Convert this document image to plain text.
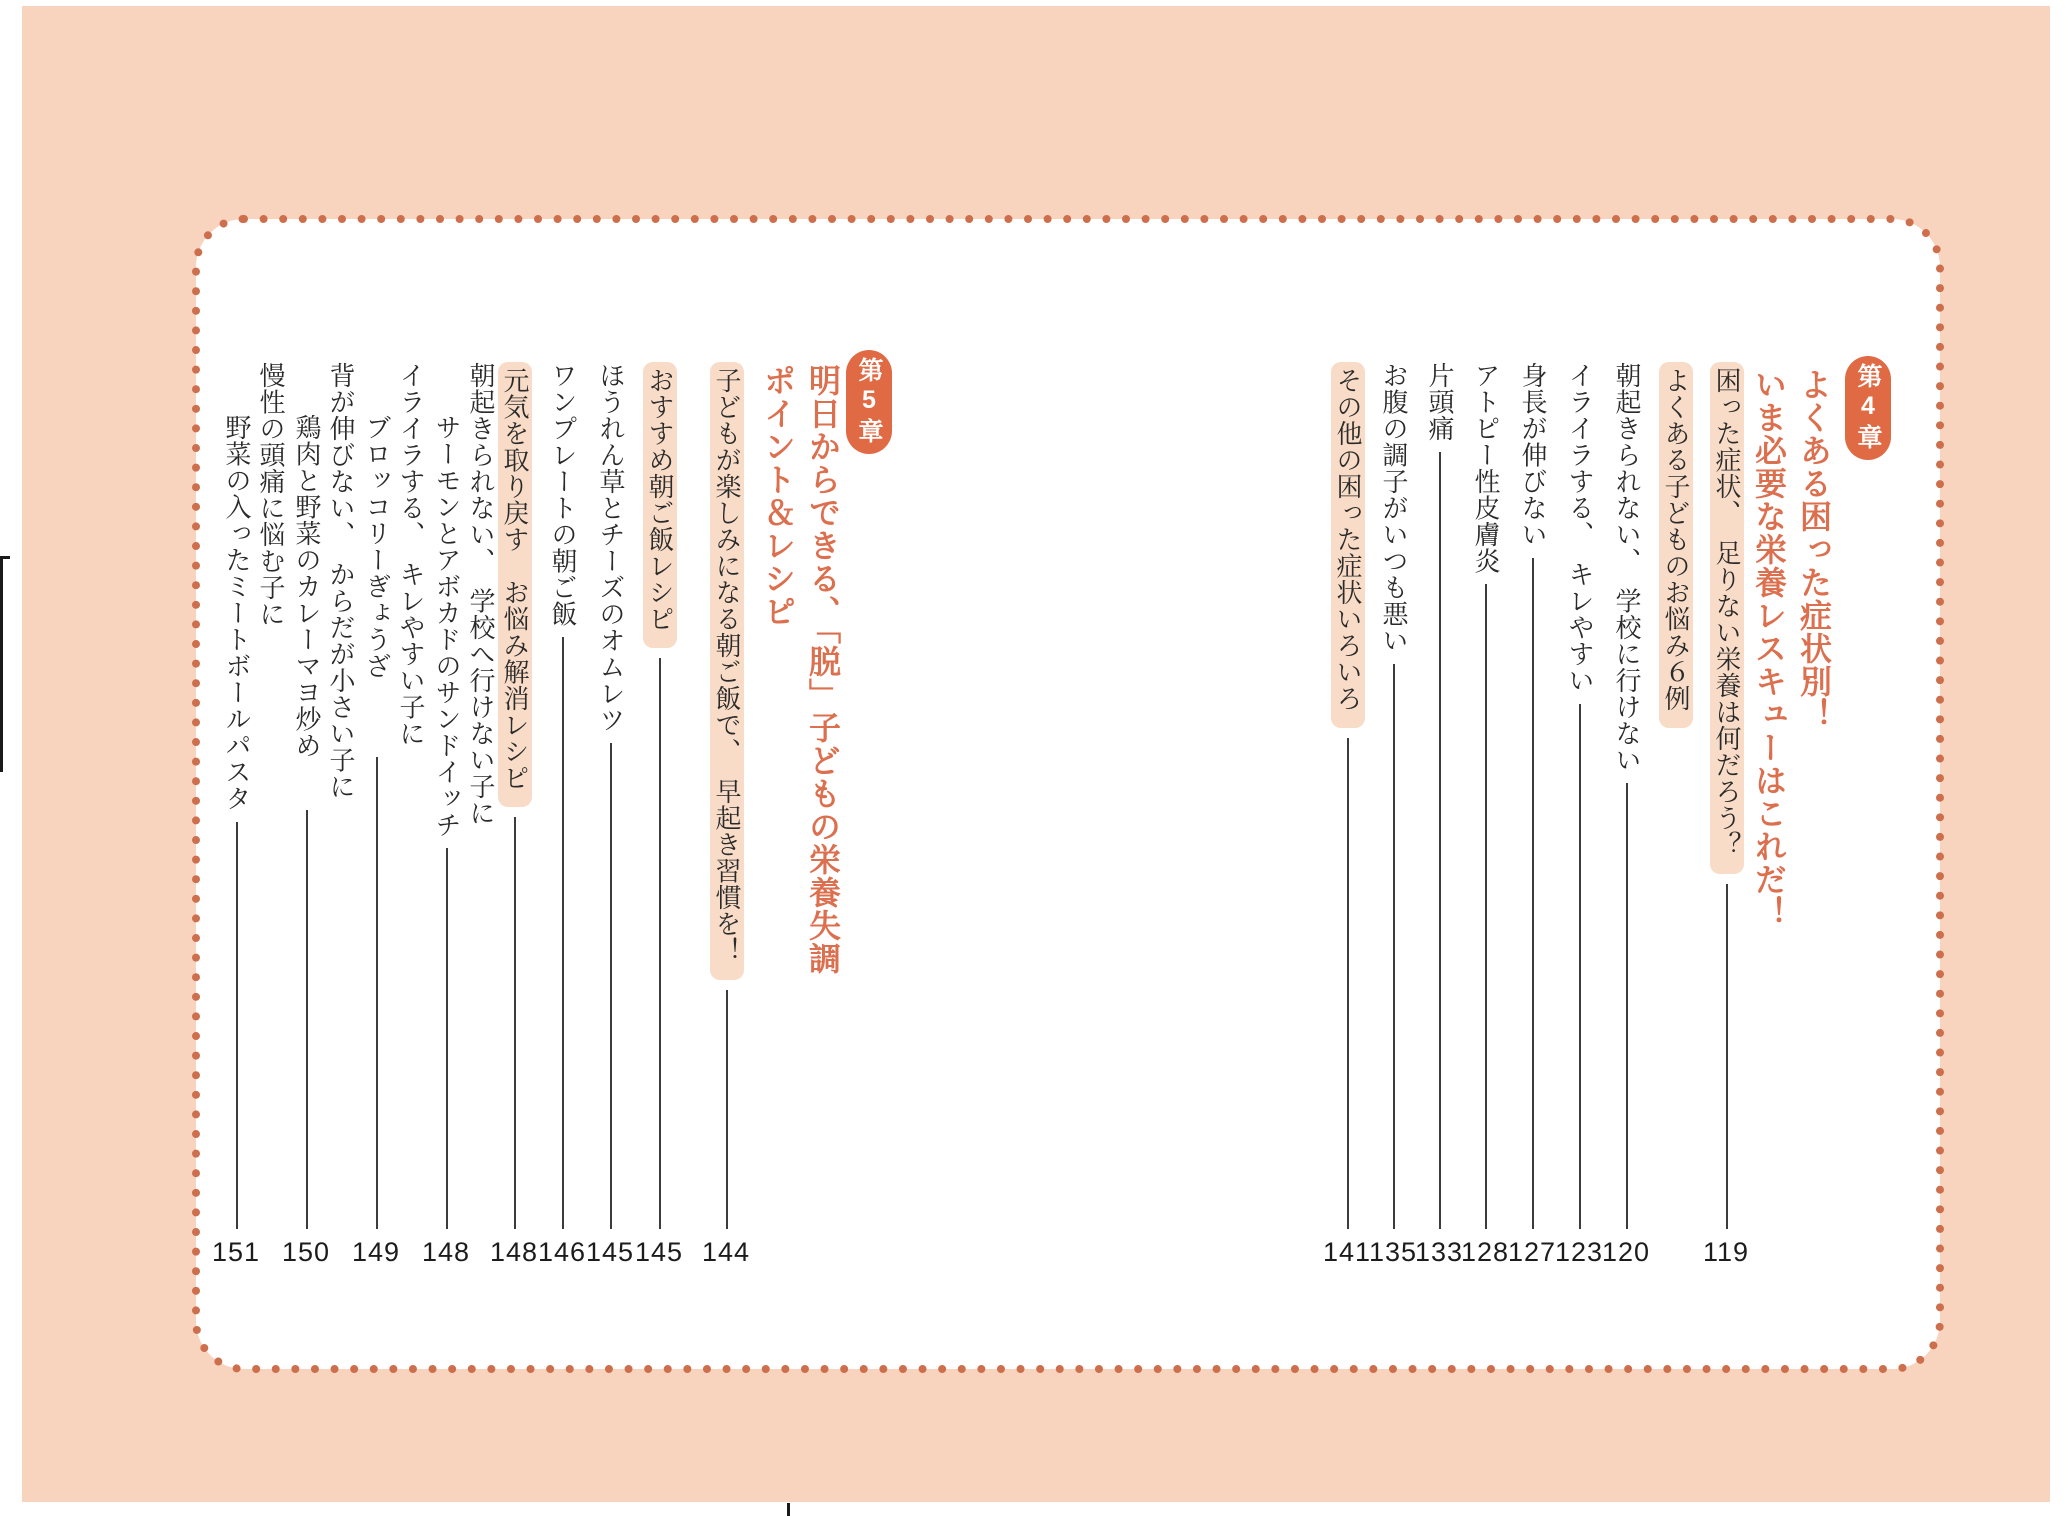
第4章
よくある困った症状別！
いま必要な栄養レスキューはこれだ！
困った症状、　足りない栄養は何だろう？
119
よくある子どものお悩み６例
朝起きられない、　学校に行けない
120
イライラする、　キレやすい
123
身長が伸びない
127
アトピー性皮膚炎
128
片頭痛
133
お腹の調子がいつも悪い
135
その他の困った症状いろいろ
141
第5章
明日からできる、「脱」子どもの栄養失調
ポイント＆レシピ
子どもが楽しみになる朝ご飯で、　早起き習慣を！
144
おすすめ朝ご飯レシピ
145
ほうれん草とチーズのオムレツ
145
ワンプレートの朝ご飯
146
元気を取り戻す　お悩み解消レシピ
148
朝起きられない、　学校へ行けない子に
サーモンとアボカドのサンドイッチ
148
イライラする、　キレやすい子に
ブロッコリーぎょうざ
149
背が伸びない、　からだが小さい子に
鶏肉と野菜のカレーマヨ炒め
150
慢性の頭痛に悩む子に
野菜の入ったミートボールパスタ
151
